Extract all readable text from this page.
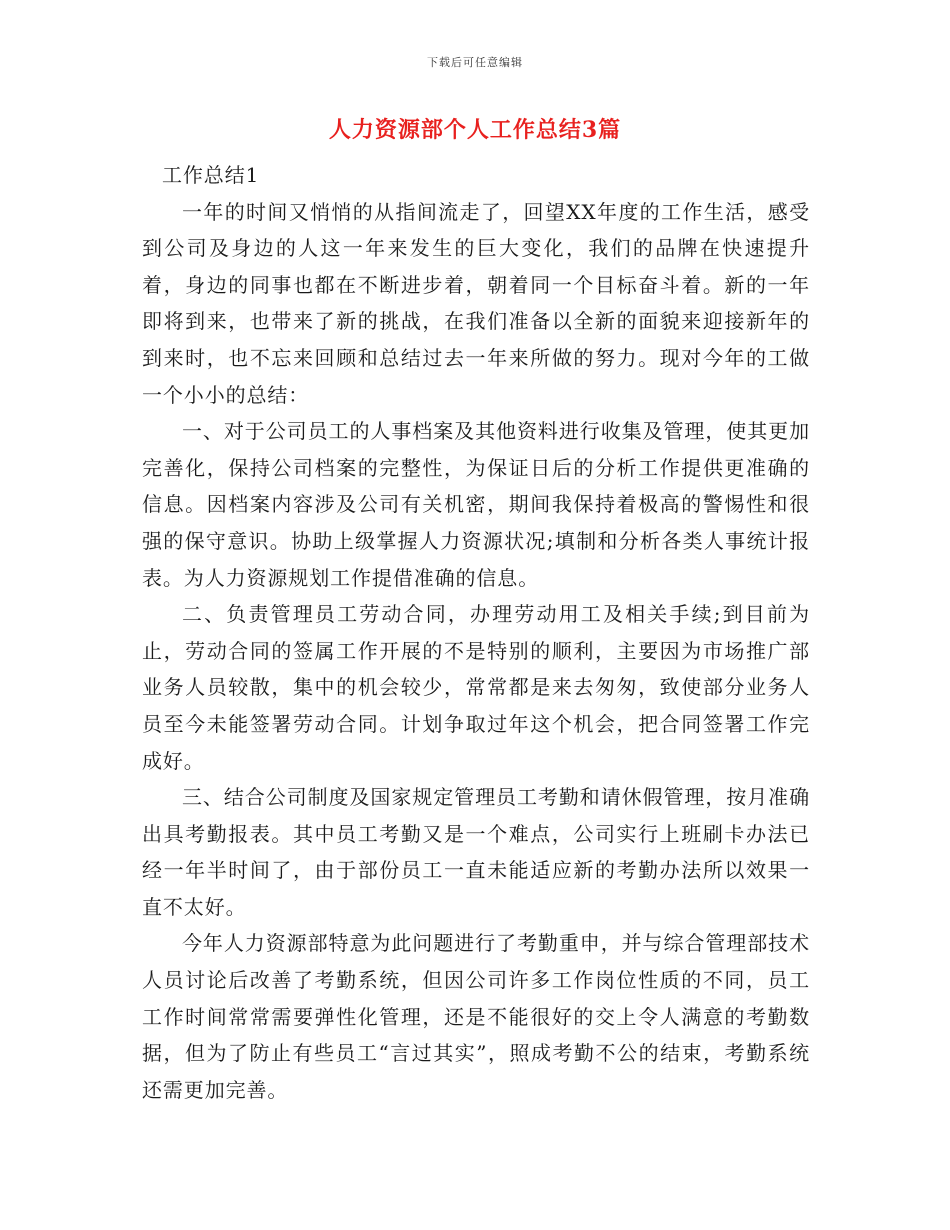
下载后可任意编辑
人力资源部个人工作总结3篇

工作总结1

一年的时间又悄悄的从指间流走了，回望XX年度的工作生活，感受到公司及身边的人这一年来发生的巨大变化，我们的品牌在快速提升着，身边的同事也都在不断进步着，朝着同一个目标奋斗着。新的一年即将到来，也带来了新的挑战，在我们准备以全新的面貌来迎接新年的到来时，也不忘来回顾和总结过去一年来所做的努力。现对今年的工做一个小小的总结：

一、对于公司员工的人事档案及其他资料进行收集及管理，使其更加完善化，保持公司档案的完整性，为保证日后的分析工作提供更准确的信息。因档案内容涉及公司有关机密，期间我保持着极高的警惕性和很强的保守意识。协助上级掌握人力资源状况;填制和分析各类人事统计报表。为人力资源规划工作提借准确的信息。

二、负责管理员工劳动合同，办理劳动用工及相关手续;到目前为止，劳动合同的签属工作开展的不是特别的顺利，主要因为市场推广部业务人员较散，集中的机会较少，常常都是来去匆匆，致使部分业务人员至今未能签署劳动合同。计划争取过年这个机会，把合同签署工作完成好。

三、结合公司制度及国家规定管理员工考勤和请休假管理，按月准确出具考勤报表。其中员工考勤又是一个难点，公司实行上班刷卡办法已经一年半时间了，由于部份员工一直未能适应新的考勤办法所以效果一直不太好。

今年人力资源部特意为此问题进行了考勤重申，并与综合管理部技术人员讨论后改善了考勤系统，但因公司许多工作岗位性质的不同，员工工作时间常常需要弹性化管理，还是不能很好的交上令人满意的考勤数据，但为了防止有些员工“言过其实”，照成考勤不公的结束，考勤系统还需更加完善。
